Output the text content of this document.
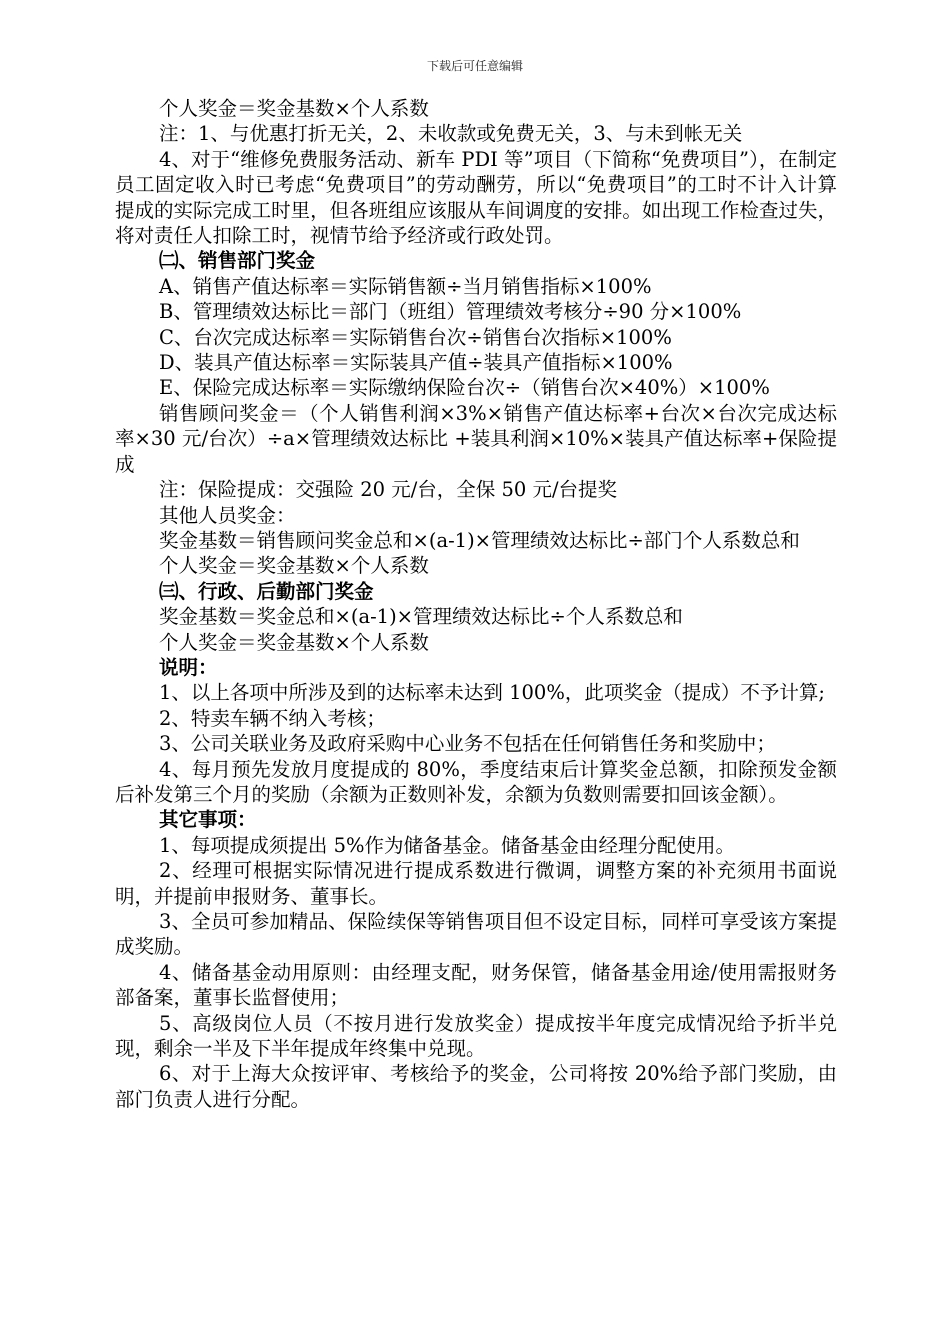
下载后可任意编辑

个人奖金＝奖金基数×个人系数

注：1、与优惠打折无关，2、未收款或免费无关，3、与未到帐无关

4、对于“维修免费服务活动、新车 PDI 等”项目（下简称“免费项目”），在制定员工固定收入时已考虑“免费项目”的劳动酬劳，所以“免费项目”的工时不计入计算提成的实际完成工时里，但各班组应该服从车间调度的安排。如出现工作检查过失，将对责任人扣除工时，视情节给予经济或行政处罚。

㈡、销售部门奖金

A、销售产值达标率＝实际销售额÷当月销售指标×100%

B、管理绩效达标比＝部门（班组）管理绩效考核分÷90 分×100%

C、台次完成达标率＝实际销售台次÷销售台次指标×100%

D、装具产值达标率＝实际装具产值÷装具产值指标×100%

E、保险完成达标率＝实际缴纳保险台次÷（销售台次×40%）×100%

销售顾问奖金＝（个人销售利润×3%×销售产值达标率+台次×台次完成达标率×30 元/台次）÷a×管理绩效达标比 +装具利润×10%×装具产值达标率+保险提成

注：保险提成：交强险 20 元/台，全保 50 元/台提奖

其他人员奖金：

奖金基数＝销售顾问奖金总和×(a-1)×管理绩效达标比÷部门个人系数总和

个人奖金＝奖金基数×个人系数

㈢、行政、后勤部门奖金

奖金基数＝奖金总和×(a-1)×管理绩效达标比÷个人系数总和

个人奖金＝奖金基数×个人系数

说明：

1、以上各项中所涉及到的达标率未达到 100%，此项奖金（提成）不予计算;

2、特卖车辆不纳入考核；

3、公司关联业务及政府采购中心业务不包括在任何销售任务和奖励中；

4、每月预先发放月度提成的 80%，季度结束后计算奖金总额，扣除预发金额后补发第三个月的奖励（余额为正数则补发，余额为负数则需要扣回该金额）。

其它事项：

1、每项提成须提出 5%作为储备基金。储备基金由经理分配使用。

2、经理可根据实际情况进行提成系数进行微调，调整方案的补充须用书面说明，并提前申报财务、董事长。

3、全员可参加精品、保险续保等销售项目但不设定目标，同样可享受该方案提成奖励。

4、储备基金动用原则：由经理支配，财务保管，储备基金用途/使用需报财务部备案，董事长监督使用；

5、高级岗位人员（不按月进行发放奖金）提成按半年度完成情况给予折半兑现，剩余一半及下半年提成年终集中兑现。

6、对于上海大众按评审、考核给予的奖金，公司将按 20%给予部门奖励，由部门负责人进行分配。
